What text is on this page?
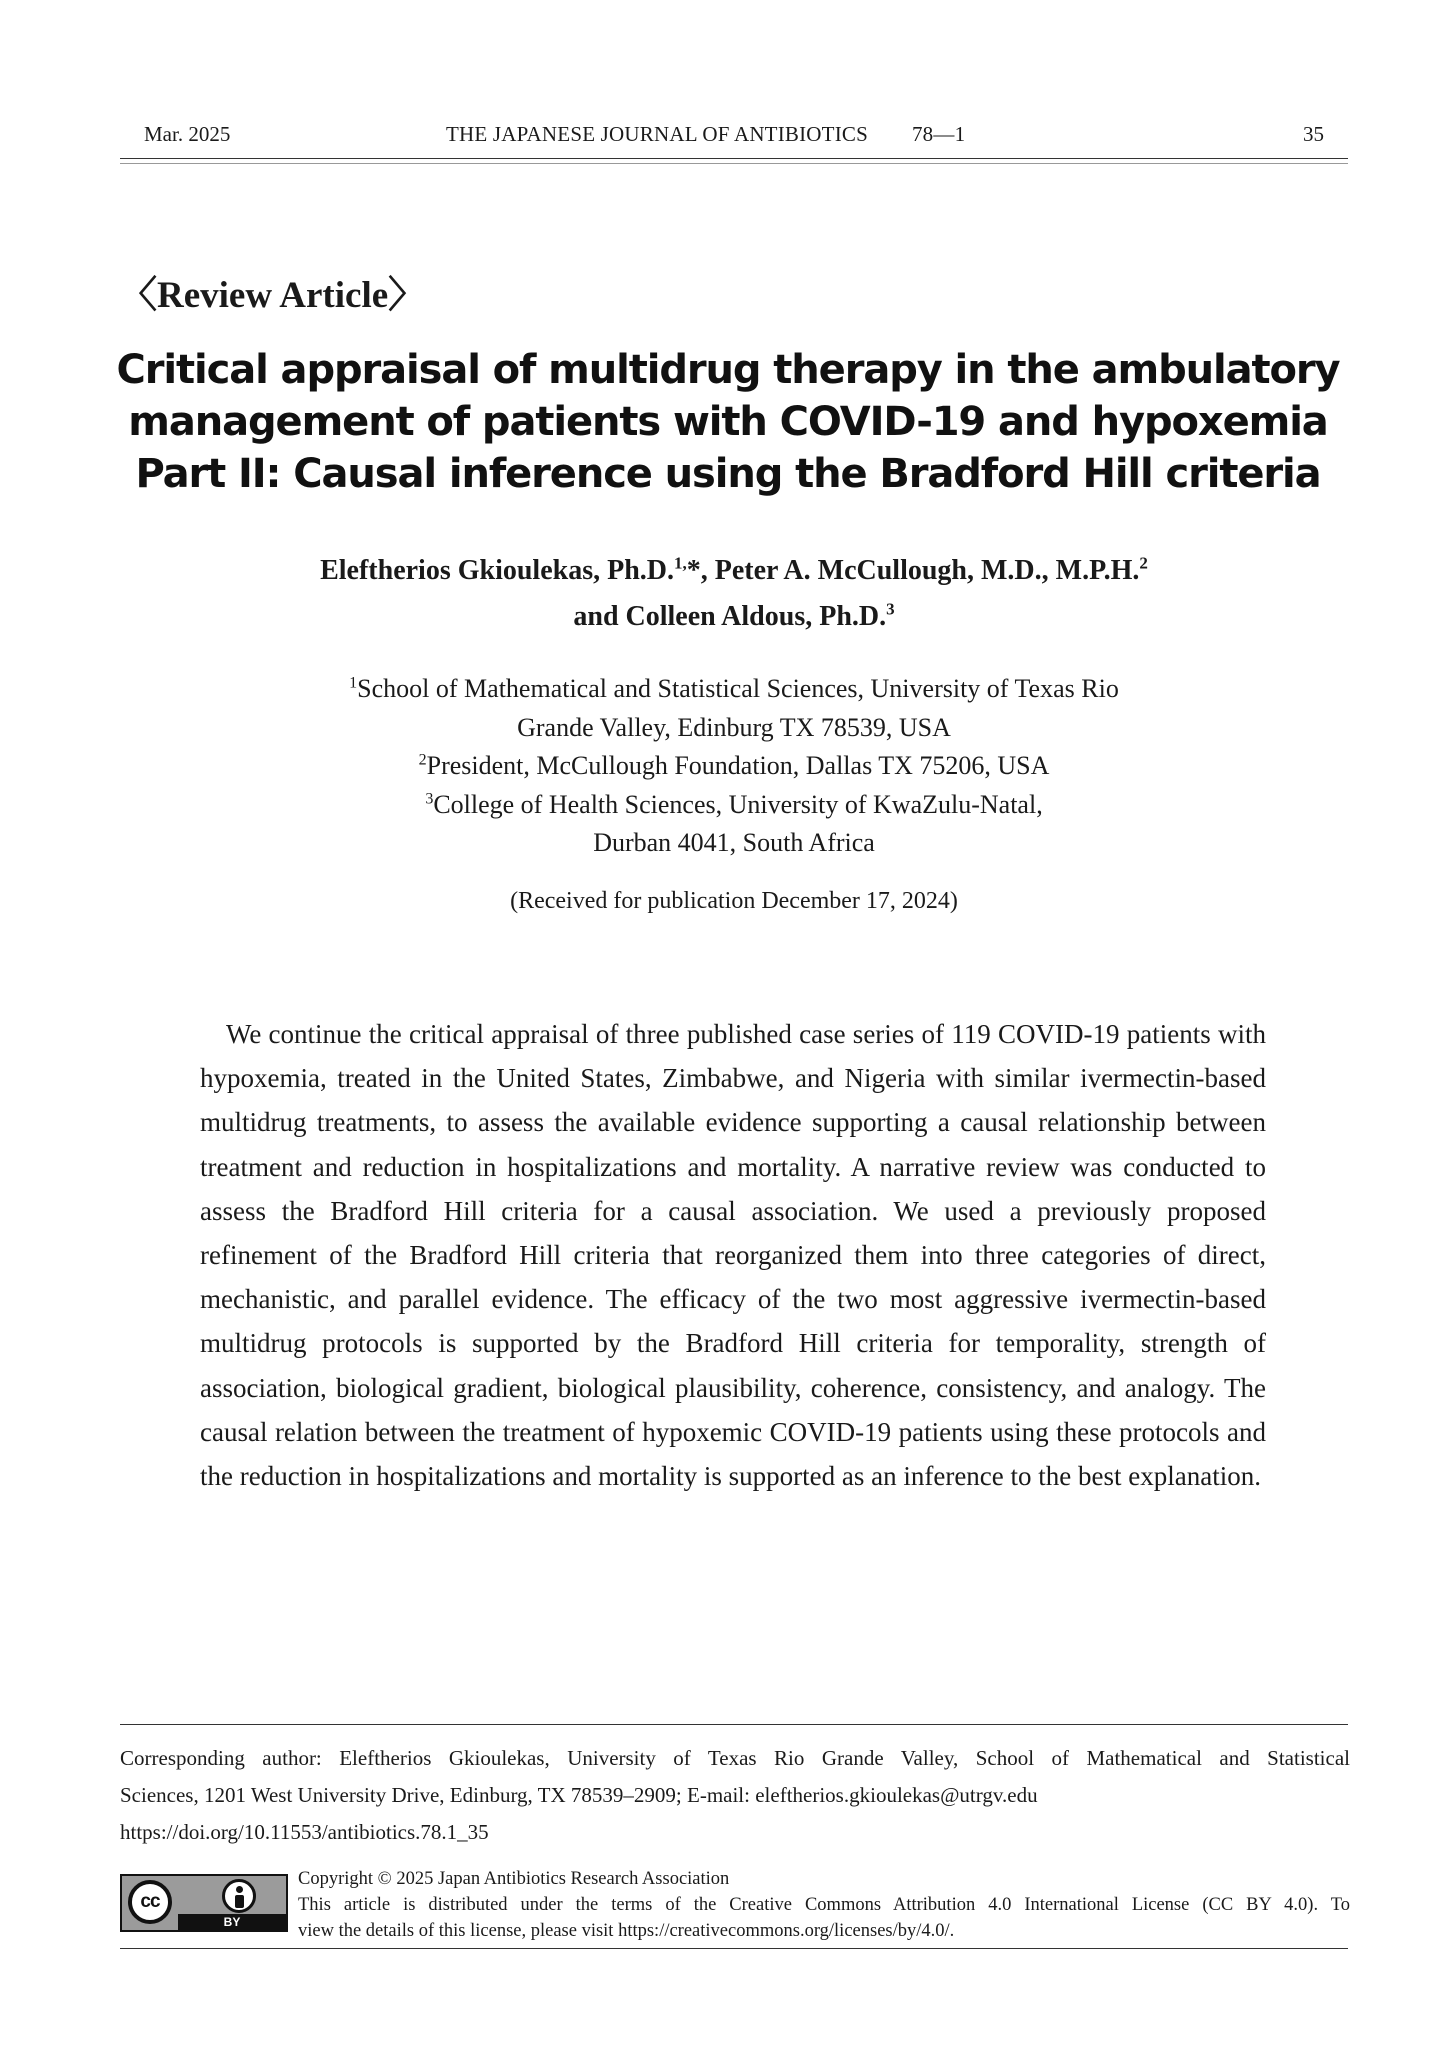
Mar. 2025	THE JAPANESE JOURNAL OF ANTIBIOTICS 78—1	35
〈Review Article〉
Critical appraisal of multidrug therapy in the ambulatory
management of patients with COVID-19 and hypoxemia
Part II: Causal inference using the Bradford Hill criteria
Eleftherios Gkioulekas, Ph.D.$^{1,}$*, Peter A. McCullough, M.D., M.P.H.$^2$
and Colleen Aldous, Ph.D.$^3$
$^1$School of Mathematical and Statistical Sciences, University of Texas Rio
Grande Valley, Edinburg TX 78539, USA
$^2$President, McCullough Foundation, Dallas TX 75206, USA
$^3$College of Health Sciences, University of KwaZulu-Natal,
Durban 4041, South Africa
(Received for publication December 17, 2024)

We continue the critical appraisal of three published case series of 119 COVID-19 patients with hypoxemia, treated in the United States, Zimbabwe, and Nigeria with similar ivermectin-based multidrug treatments, to assess the available evidence supporting a causal relationship between treatment and reduction in hospitalizations and mortality. A narrative review was conducted to assess the Bradford Hill criteria for a causal association. We used a previously proposed refinement of the Bradford Hill criteria that reorganized them into three categories of direct, mechanistic, and parallel evidence. The efficacy of the two most aggressive ivermectin-based multidrug protocols is supported by the Bradford Hill criteria for temporality, strength of association, biological gradient, biological plausibility, coherence, consistency, and analogy. The causal relation between the treatment of hypoxemic COVID-19 patients using these protocols and the reduction in hospitalizations and mortality is supported as an inference to the best explanation.

Corresponding author: Eleftherios Gkioulekas, University of Texas Rio Grande Valley, School of Mathematical and Statistical
Sciences, 1201 West University Drive, Edinburg, TX 78539–2909; E-mail: eleftherios.gkioulekas@utrgv.edu
https://doi.org/10.11553/antibiotics.78.1_35
cc
BY
Copyright © 2025 Japan Antibiotics Research Association
This article is distributed under the terms of the Creative Commons Attribution 4.0 International License (CC BY 4.0). To
view the details of this license, please visit https://creativecommons.org/licenses/by/4.0/.
